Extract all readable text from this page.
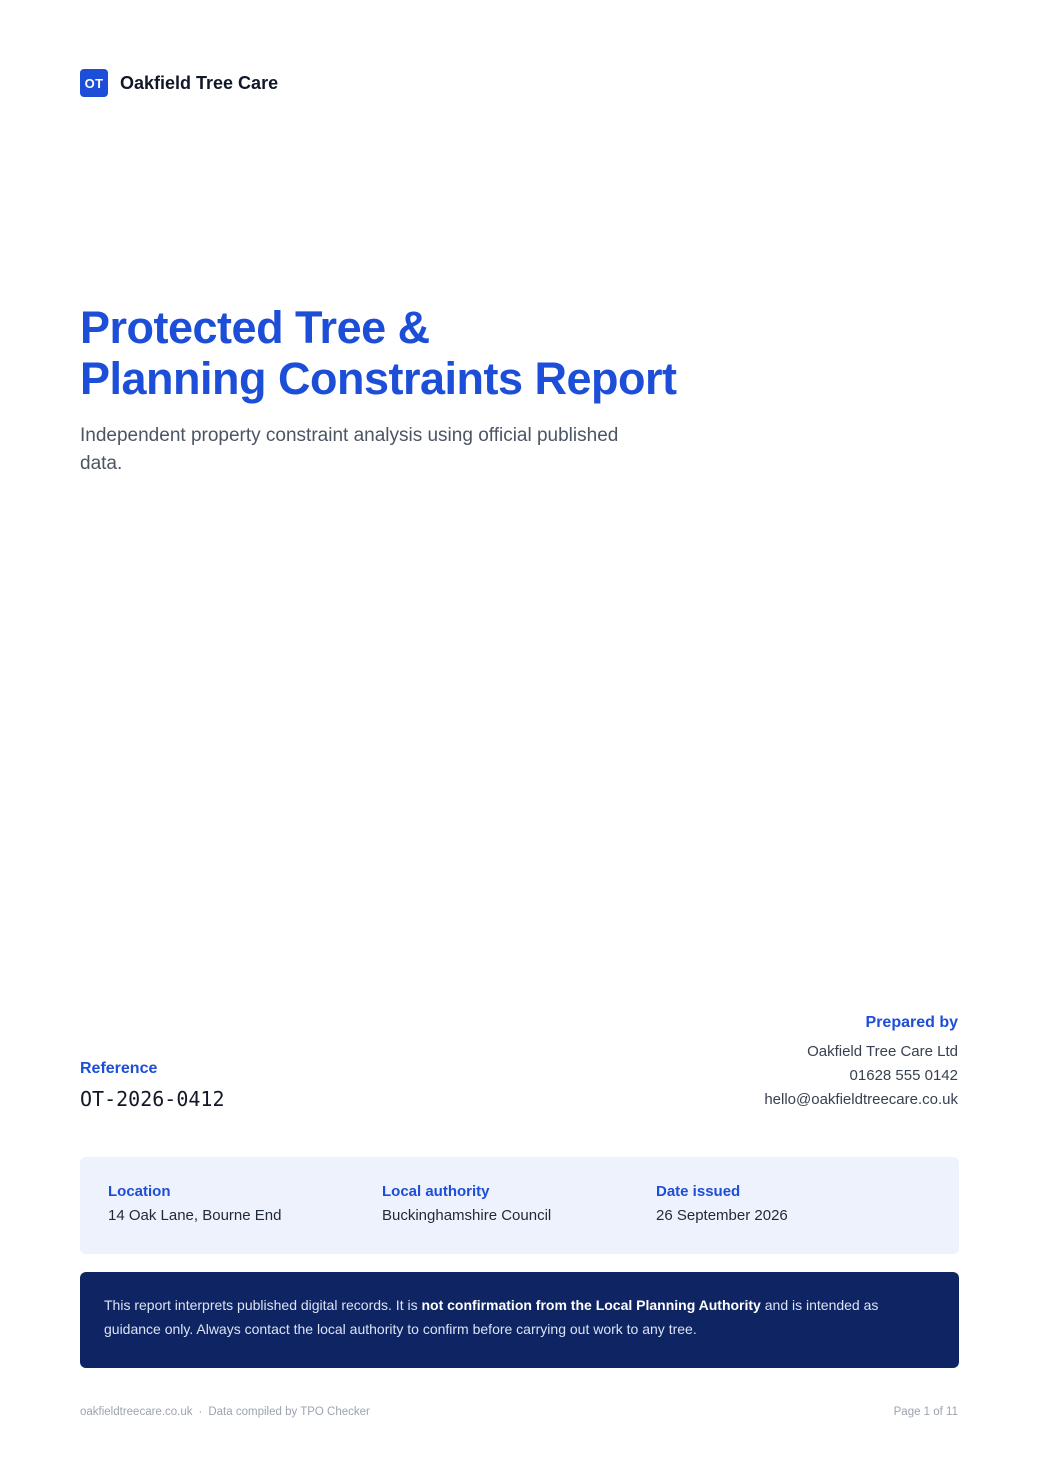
OT Oakfield Tree Care
Protected Tree &
Planning Constraints Report

Independent property constraint analysis using official published data.

Reference
OT-2026-0412
Prepared by
Oakfield Tree Care Ltd
01628 555 0142
hello@oakfieldtreecare.co.uk
Location
14 Oak Lane, Bourne End
Local authority
Buckinghamshire Council
Date issued
26 September 2026
This report interprets published digital records. It is not confirmation from the Local Planning Authority and is intended as guidance only. Always contact the local authority to confirm before carrying out work to any tree.
oakfieldtreecare.co.uk · Data compiled by TPO Checker	Page 1 of 11
